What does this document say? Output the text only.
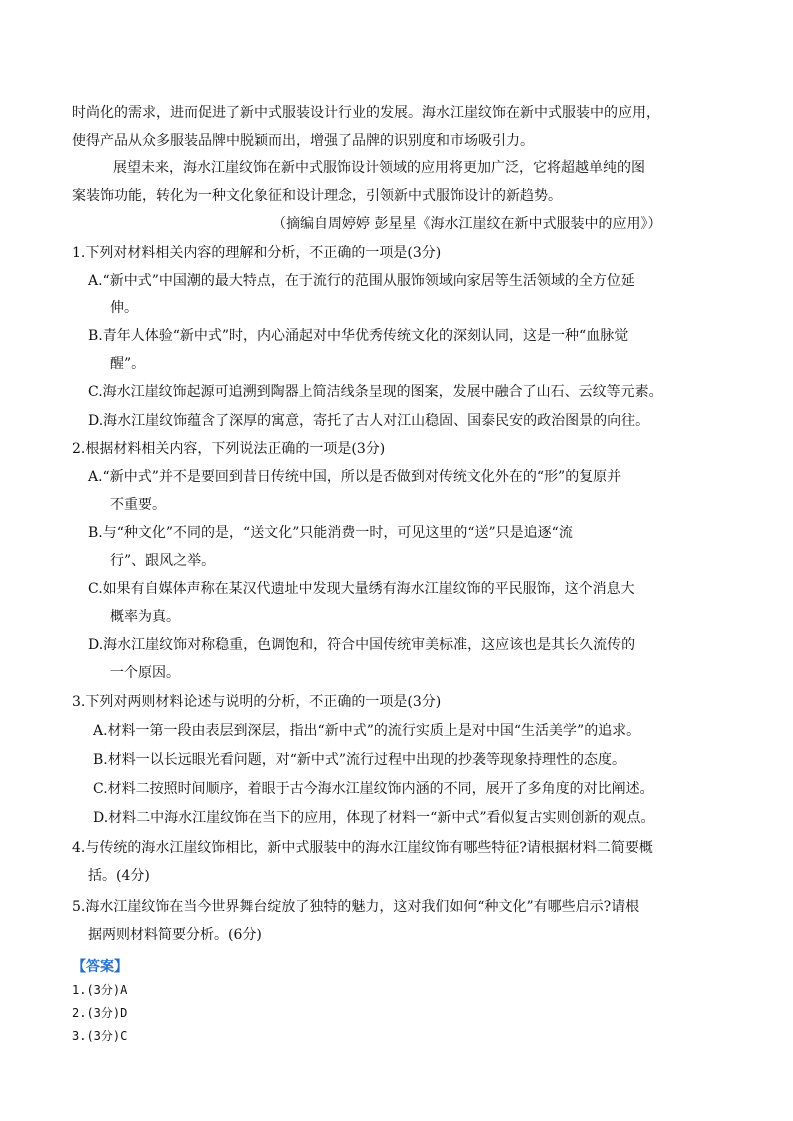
时尚化的需求，进而促进了新中式服装设计行业的发展。海水江崖纹饰在新中式服装中的应用，
使得产品从众多服装品牌中脱颖而出，增强了品牌的识别度和市场吸引力。
展望未来，海水江崖纹饰在新中式服饰设计领域的应用将更加广泛，它将超越单纯的图
案装饰功能，转化为一种文化象征和设计理念，引领新中式服饰设计的新趋势。
（摘编自周婷婷 彭星星《海水江崖纹在新中式服装中的应用》）
1.下列对材料相关内容的理解和分析，不正确的一项是(3分)
A.“新中式”中国潮的最大特点，在于流行的范围从服饰领域向家居等生活领域的全方位延
伸。
B.青年人体验“新中式”时，内心涌起对中华优秀传统文化的深刻认同，这是一种“血脉觉
醒”。
C.海水江崖纹饰起源可追溯到陶器上简洁线条呈现的图案，发展中融合了山石、云纹等元素。
D.海水江崖纹饰蕴含了深厚的寓意，寄托了古人对江山稳固、国泰民安的政治图景的向往。
2.根据材料相关内容，下列说法正确的一项是(3分)
A.“新中式”并不是要回到昔日传统中国，所以是否做到对传统文化外在的“形”的复原并
不重要。
B.与“种文化”不同的是，“送文化”只能消费一时，可见这里的“送”只是追逐“流
行”、跟风之举。
C.如果有自媒体声称在某汉代遗址中发现大量绣有海水江崖纹饰的平民服饰，这个消息大
概率为真。
D.海水江崖纹饰对称稳重，色调饱和，符合中国传统审美标准，这应该也是其长久流传的
一个原因。
3.下列对两则材料论述与说明的分析，不正确的一项是(3分)
A.材料一第一段由表层到深层，指出“新中式”的流行实质上是对中国“生活美学”的追求。
B.材料一以长远眼光看问题，对“新中式”流行过程中出现的抄袭等现象持理性的态度。
C.材料二按照时间顺序，着眼于古今海水江崖纹饰内涵的不同，展开了多角度的对比阐述。
D.材料二中海水江崖纹饰在当下的应用，体现了材料一“新中式”看似复古实则创新的观点。
4.与传统的海水江崖纹饰相比，新中式服装中的海水江崖纹饰有哪些特征?请根据材料二简要概
括。(4分)
5.海水江崖纹饰在当今世界舞台绽放了独特的魅力，这对我们如何“种文化”有哪些启示?请根
据两则材料简要分析。(6分)
【答案】
1.(3分)A
2.(3分)D
3.(3分)C
